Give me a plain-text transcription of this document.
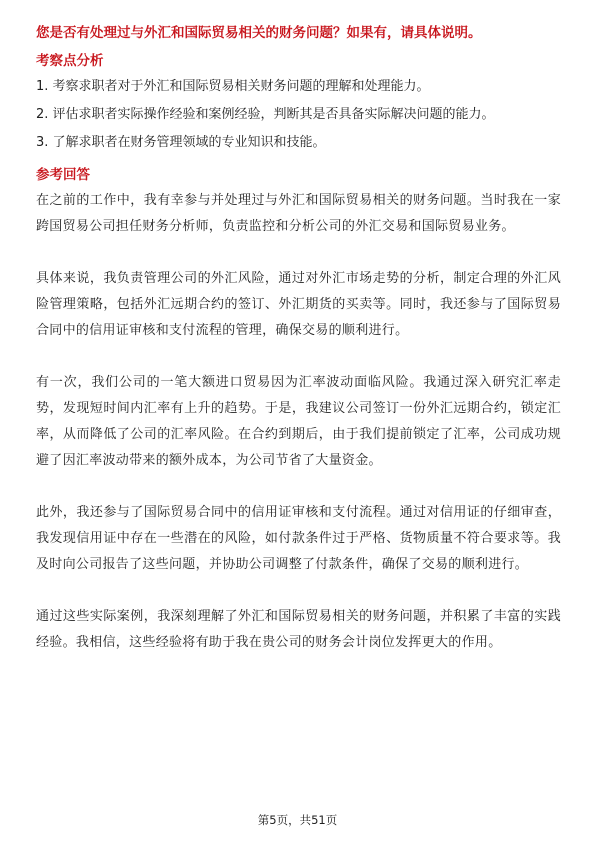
您是否有处理过与外汇和国际贸易相关的财务问题？如果有，请具体说明。

考察点分析

1. 考察求职者对于外汇和国际贸易相关财务问题的理解和处理能力。

2. 评估求职者实际操作经验和案例经验，判断其是否具备实际解决问题的能力。

3. 了解求职者在财务管理领域的专业知识和技能。

参考回答

在之前的工作中，我有幸参与并处理过与外汇和国际贸易相关的财务问题。当时我在一家跨国贸易公司担任财务分析师，负责监控和分析公司的外汇交易和国际贸易业务。

具体来说，我负责管理公司的外汇风险，通过对外汇市场走势的分析，制定合理的外汇风险管理策略，包括外汇远期合约的签订、外汇期货的买卖等。同时，我还参与了国际贸易合同中的信用证审核和支付流程的管理，确保交易的顺利进行。

有一次，我们公司的一笔大额进口贸易因为汇率波动面临风险。我通过深入研究汇率走势，发现短时间内汇率有上升的趋势。于是，我建议公司签订一份外汇远期合约，锁定汇率，从而降低了公司的汇率风险。在合约到期后，由于我们提前锁定了汇率，公司成功规避了因汇率波动带来的额外成本，为公司节省了大量资金。

此外，我还参与了国际贸易合同中的信用证审核和支付流程。通过对信用证的仔细审查，我发现信用证中存在一些潜在的风险，如付款条件过于严格、货物质量不符合要求等。我及时向公司报告了这些问题，并协助公司调整了付款条件，确保了交易的顺利进行。

通过这些实际案例，我深刻理解了外汇和国际贸易相关的财务问题，并积累了丰富的实践经验。我相信，这些经验将有助于我在贵公司的财务会计岗位发挥更大的作用。

第5页，共51页
